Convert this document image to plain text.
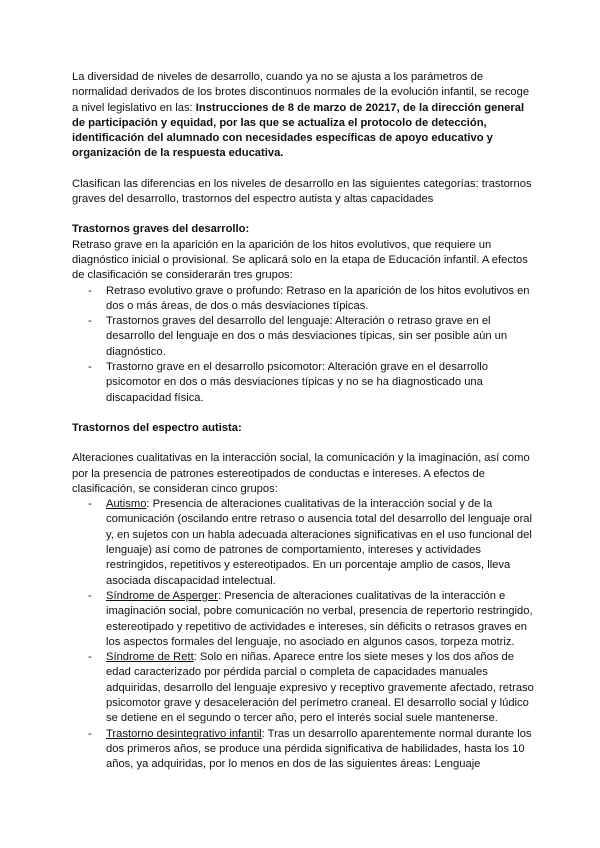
La diversidad de niveles de desarrollo, cuando ya no se ajusta a los parámetros de normalidad derivados de los brotes discontinuos normales de la evolución infantil, se recoge a nivel legislativo en las: Instrucciones de 8 de marzo de 20217, de la dirección general de participación y equidad, por las que se actualiza el protocolo de detección, identificación del alumnado con necesidades específicas de apoyo educativo y organización de la respuesta educativa.

Clasifican las diferencias en los niveles de desarrollo en las siguientes categorías: trastornos graves del desarrollo, trastornos del espectro autista y altas capacidades

Trastornos graves del desarrollo:

Retraso grave en la aparición en la aparición de los hitos evolutivos, que requiere un diagnóstico inicial o provisional. Se aplicará solo en la etapa de Educación infantil. A efectos de clasificación se considerarán tres grupos:

- Retraso evolutivo grave o profundo: Retraso en la aparición de los hitos evolutivos en dos o más áreas, de dos o más desviaciones típicas.
- Trastornos graves del desarrollo del lenguaje: Alteración o retraso grave en el desarrollo del lenguaje en dos o más desviaciones típicas, sin ser posible aún un diagnóstico.
- Trastorno grave en el desarrollo psicomotor: Alteración grave en el desarrollo psicomotor en dos o más desviaciones típicas y no se ha diagnosticado una discapacidad física.

Trastornos del espectro autista:

Alteraciones cualitativas en la interacción social, la comunicación y la imaginación, así como por la presencia de patrones estereotipados de conductas e intereses. A efectos de clasificación, se consideran cinco grupos:

- Autismo: Presencia de alteraciones cualitativas de la interacción social y de la comunicación (oscilando entre retraso o ausencia total del desarrollo del lenguaje oral y, en sujetos con un habla adecuada alteraciones significativas en el uso funcional del lenguaje) así como de patrones de comportamiento, intereses y actividades restringidos, repetitivos y estereotipados. En un porcentaje amplio de casos, lleva asociada discapacidad intelectual.
- Síndrome de Asperger: Presencia de alteraciones cualitativas de la interacción e imaginación social, pobre comunicación no verbal, presencia de repertorio restringido, estereotipado y repetitivo de actividades e intereses, sin déficits o retrasos graves en los aspectos formales del lenguaje, no asociado en algunos casos, torpeza motriz.
- Síndrome de Rett: Solo en niñas. Aparece entre los siete meses y los dos años de edad caracterizado por pérdida parcial o completa de capacidades manuales adquiridas, desarrollo del lenguaje expresivo y receptivo gravemente afectado, retraso psicomotor grave y desaceleración del perímetro craneal. El desarrollo social y lúdico se detiene en el segundo o tercer año, pero el interés social suele mantenerse.
- Trastorno desintegrativo infantil: Tras un desarrollo aparentemente normal durante los dos primeros años, se produce una pérdida significativa de habilidades, hasta los 10 años, ya adquiridas, por lo menos en dos de las siguientes áreas: Lenguaje
